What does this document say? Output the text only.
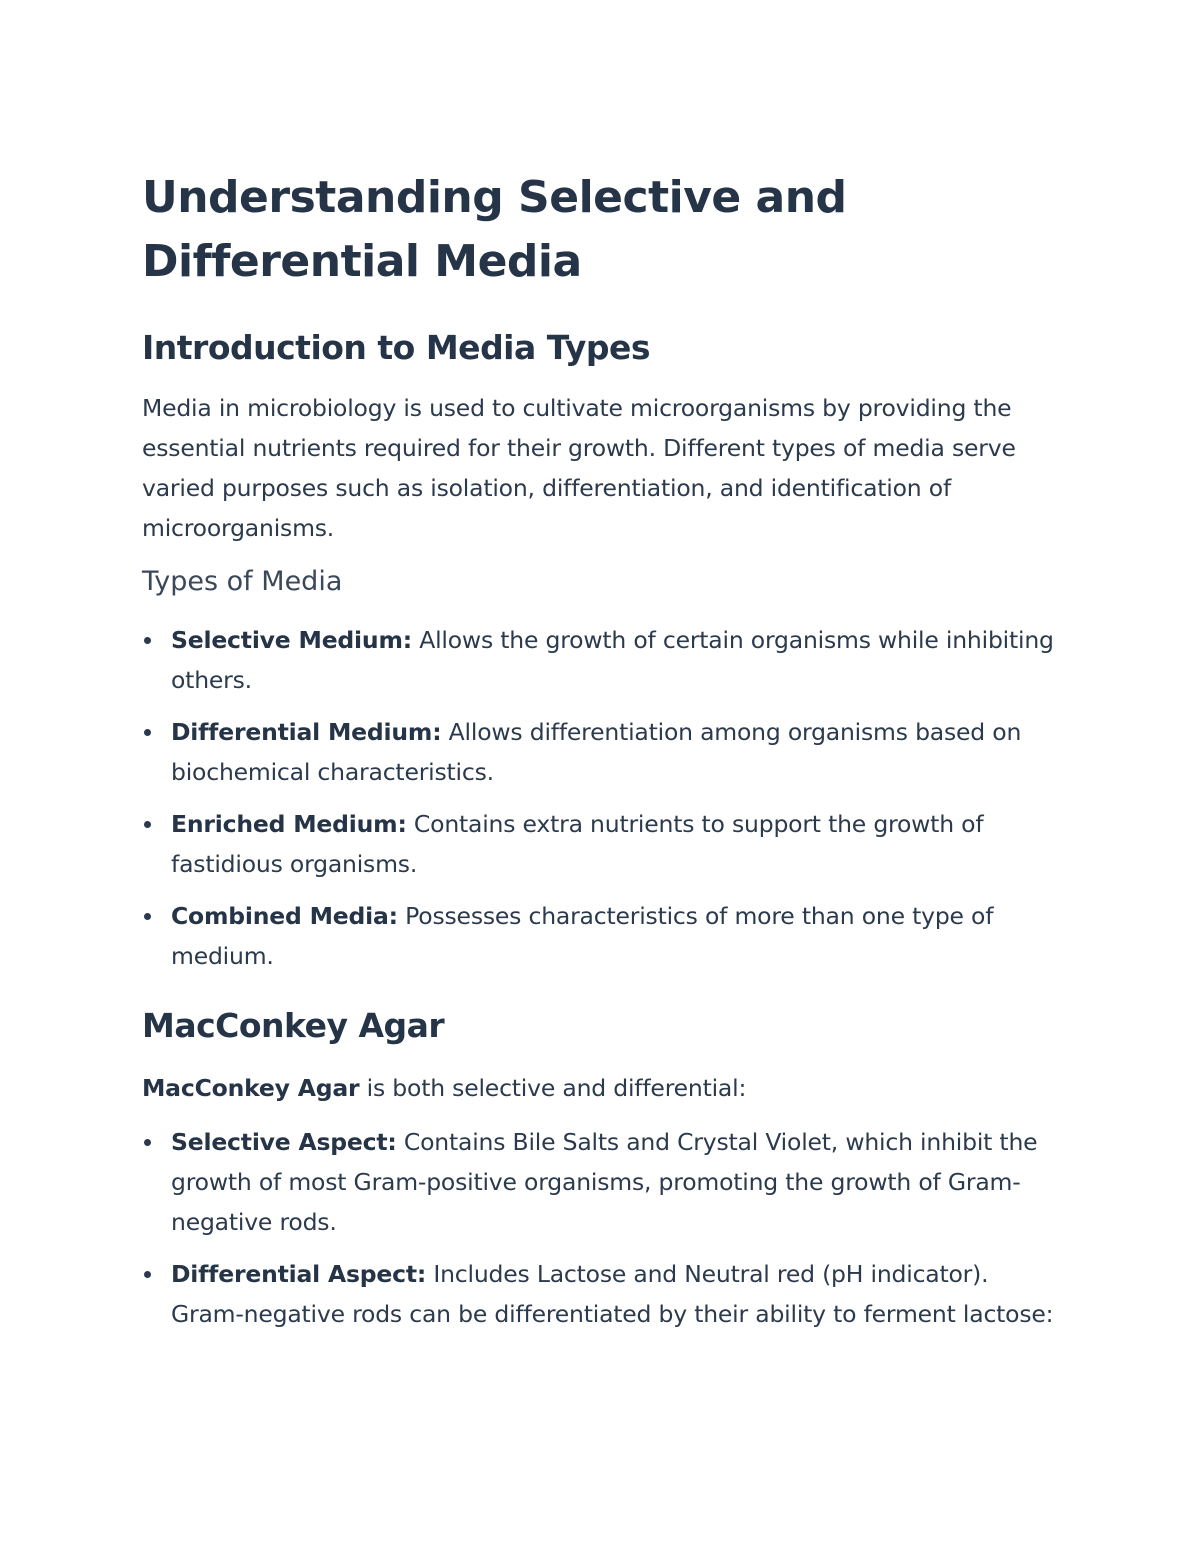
Understanding Selective and Differential Media
Introduction to Media Types

Media in microbiology is used to cultivate microorganisms by providing the essential nutrients required for their growth. Different types of media serve varied purposes such as isolation, differentiation, and identification of microorganisms.

Types of Media
Selective Medium: Allows the growth of certain organisms while inhibiting others.
Differential Medium: Allows differentiation among organisms based on biochemical characteristics.
Enriched Medium: Contains extra nutrients to support the growth of fastidious organisms.
Combined Media: Possesses characteristics of more than one type of medium.
MacConkey Agar

MacConkey Agar is both selective and differential:

Selective Aspect: Contains Bile Salts and Crystal Violet, which inhibit the growth of most Gram-positive organisms, promoting the growth of Gram-negative rods.
Differential Aspect: Includes Lactose and Neutral red (pH indicator). Gram-negative rods can be differentiated by their ability to ferment lactose:
